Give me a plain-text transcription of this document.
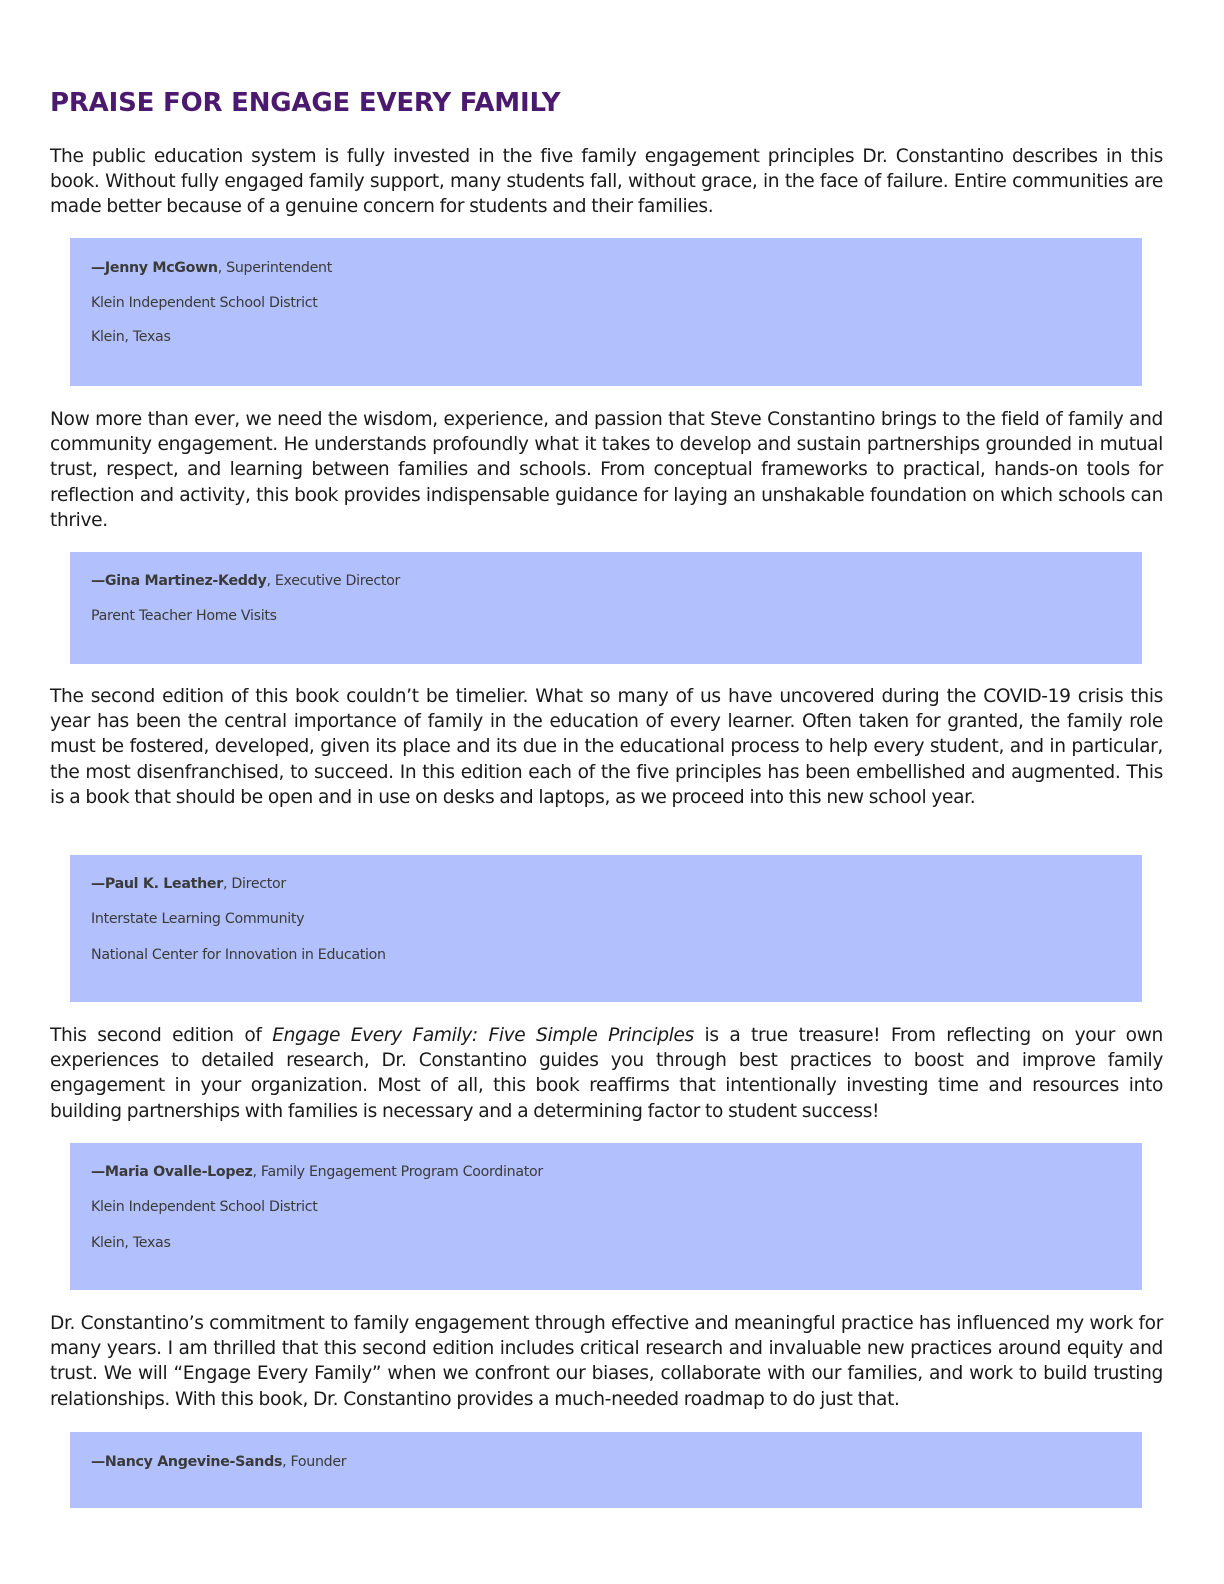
PRAISE FOR ENGAGE EVERY FAMILY

The public education system is fully invested in the five family engagement principles Dr. Constantino describes in this book. Without fully engaged family support, many students fall, without grace, in the face of failure. Entire communities are made better because of a genuine concern for students and their families.

—Jenny McGown, Superintendent
Klein Independent School District
Klein, Texas

Now more than ever, we need the wisdom, experience, and passion that Steve Constantino brings to the field of family and community engagement. He understands profoundly what it takes to develop and sustain partnerships grounded in mutual trust, respect, and learning between families and schools. From conceptual frameworks to practical, hands-on tools for reflection and activity, this book provides indispensable guidance for laying an unshakable foundation on which schools can thrive.

—Gina Martinez-Keddy, Executive Director
Parent Teacher Home Visits

The second edition of this book couldn’t be timelier. What so many of us have uncovered during the COVID-19 crisis this year has been the central importance of family in the education of every learner. Often taken for granted, the family role must be fostered, developed, given its place and its due in the educational process to help every student, and in particular, the most disenfranchised, to succeed. In this edition each of the five principles has been embellished and augmented. This is a book that should be open and in use on desks and laptops, as we proceed into this new school year.

—Paul K. Leather, Director
Interstate Learning Community
National Center for Innovation in Education

This second edition of Engage Every Family: Five Simple Principles is a true treasure! From reflecting on your own experiences to detailed research, Dr. Constantino guides you through best practices to boost and improve family engagement in your organization. Most of all, this book reaffirms that intentionally investing time and resources into building partnerships with families is necessary and a determining factor to student success!

—Maria Ovalle-Lopez, Family Engagement Program Coordinator
Klein Independent School District
Klein, Texas

Dr. Constantino’s commitment to family engagement through effective and meaningful practice has influenced my work for many years. I am thrilled that this second edition includes critical research and invaluable new practices around equity and trust. We will “Engage Every Family” when we confront our biases, collaborate with our families, and work to build trusting relationships. With this book, Dr. Constantino provides a much-needed roadmap to do just that.

—Nancy Angevine-Sands, Founder
